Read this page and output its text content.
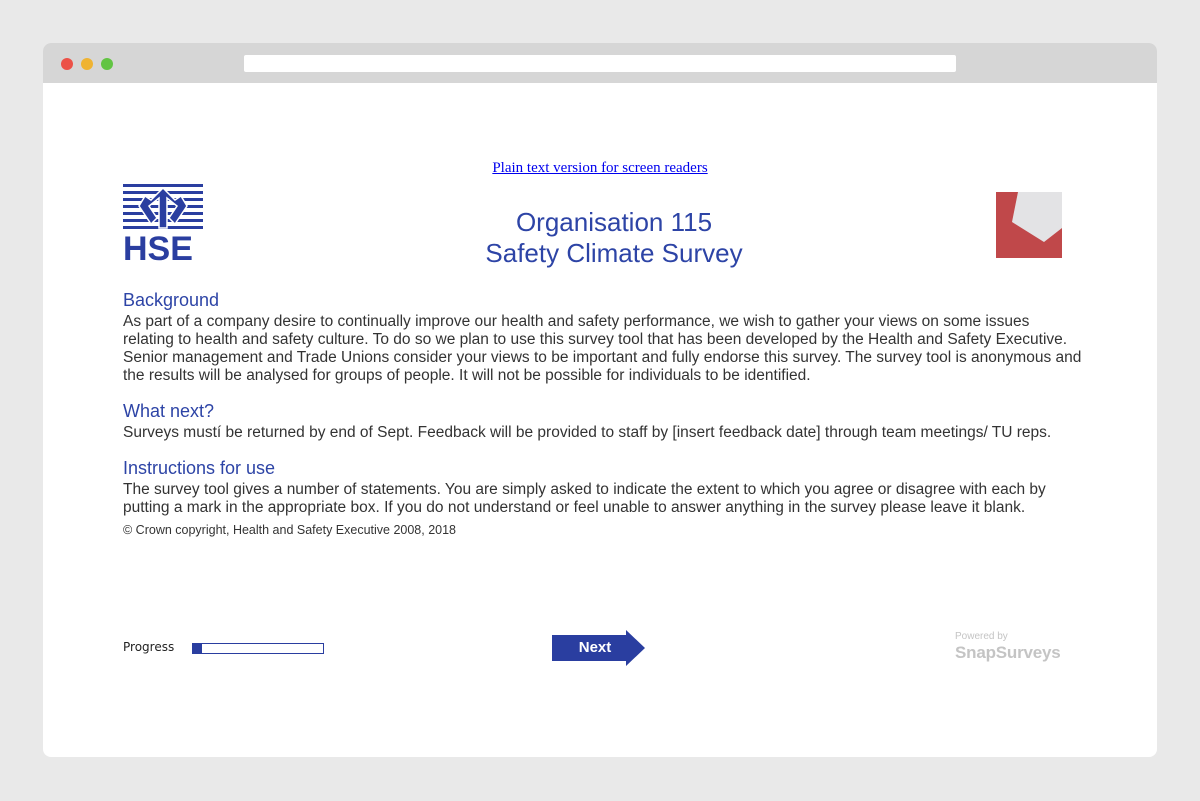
Plain text version for screen readers
HSE
Organisation 115
Safety Climate Survey
Background

As part of a company desire to continually improve our health and safety performance, we wish to gather your views on some issues relating to health and safety culture. To do so we plan to use this survey tool that has been developed by the Health and Safety Executive. Senior management and Trade Unions consider your views to be important and fully endorse this survey. The survey tool is anonymous and the results will be analysed for groups of people. It will not be possible for individuals to be identified.

What next?

Surveys mustí be returned by end of Sept. Feedback will be provided to staff by [insert feedback date] through team meetings/ TU reps.

Instructions for use

The survey tool gives a number of statements. You are simply asked to indicate the extent to which you agree or disagree with each by putting a mark in the appropriate box. If you do not understand or feel unable to answer anything in the survey please leave it blank.

© Crown copyright, Health and Safety Executive 2008, 2018
Progress	Next
Powered by
SnapSurveys
